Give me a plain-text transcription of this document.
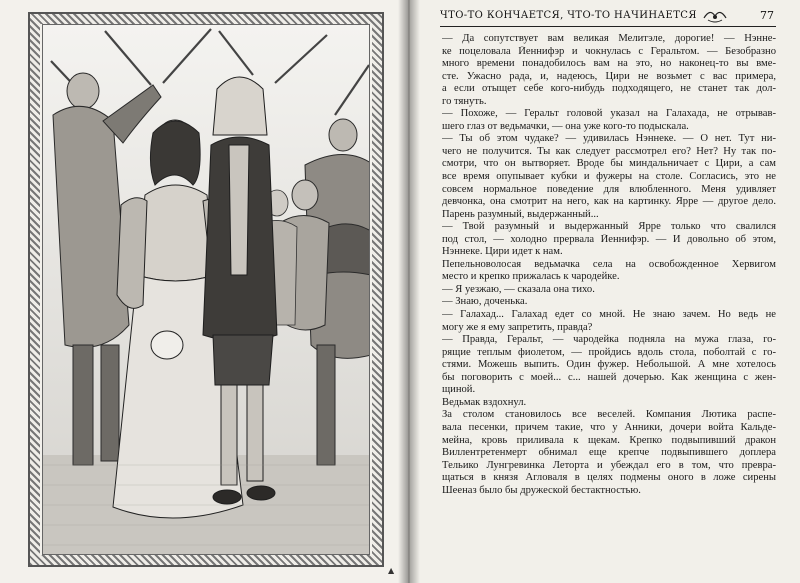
▲
ЧТО-ТО КОНЧАЕТСЯ, ЧТО-ТО НАЧИНАЕТСЯ	77
— Да сопутствует вам великая Мелитэле, дорогие! — Нэнне-
ке поцеловала Йеннифэр и чокнулась с Геральтом. — Безобразно
много времени понадобилось вам на это, но наконец-то вы вме-
сте. Ужасно рада, и, надеюсь, Цири не возьмет с вас примера,
а если отыщет себе кого-нибудь подходящего, не станет так дол-
го тянуть.
— Похоже, — Геральт головой указал на Галахада, не отрывав-
шего глаз от ведьмачки, — она уже кого-то подыскала.
— Ты об этом чудаке? — удивилась Нэннеке. — О нет. Тут ни-
чего не получится. Ты как следует рассмотрел его? Нет? Ну так по-
смотри, что он вытворяет. Вроде бы миндальничает с Цири, а сам
все время опупывает кубки и фужеры на столе. Согласись, это не
совсем нормальное поведение для влюбленного. Меня удивляет
девчонка, она смотрит на него, как на картинку. Ярре — другое дело.
Парень разумный, выдержанный...
— Твой разумный и выдержанный Ярре только что свалился
под стол, — холодно прервала Йеннифэр. — И довольно об этом,
Нэннеке. Цири идет к нам.
Пепельноволосая ведьмачка села на освобожденное Хервигом
место и крепко прижалась к чародейке.
— Я уезжаю, — сказала она тихо.
— Знаю, доченька.
— Галахад... Галахад едет со мной. Не знаю зачем. Но ведь не
могу же я ему запретить, правда?
— Правда, Геральт, — чародейка подняла на мужа глаза, го-
рящие теплым фиолетом, — пройдись вдоль стола, поболтай с го-
стями. Можешь выпить. Один фужер. Небольшой. А мне хотелось
бы поговорить с моей... с... нашей дочерью. Как женщина с жен-
щиной.
Ведьмак вздохнул.
За столом становилось все веселей. Компания Лютика распе-
вала песенки, причем такие, что у Анники, дочери войта Кальде-
мейна, кровь приливала к щекам. Крепко подвыпивший дракон
Виллентретенмерт обнимал еще крепче подвыпившего доплера
Тельико Лунгревинка Леторта и убеждал его в том, что превра-
щаться в князя Агловаля в целях подмены оного в ложе сирены
Шееназ было бы дружеской бестактностью.
